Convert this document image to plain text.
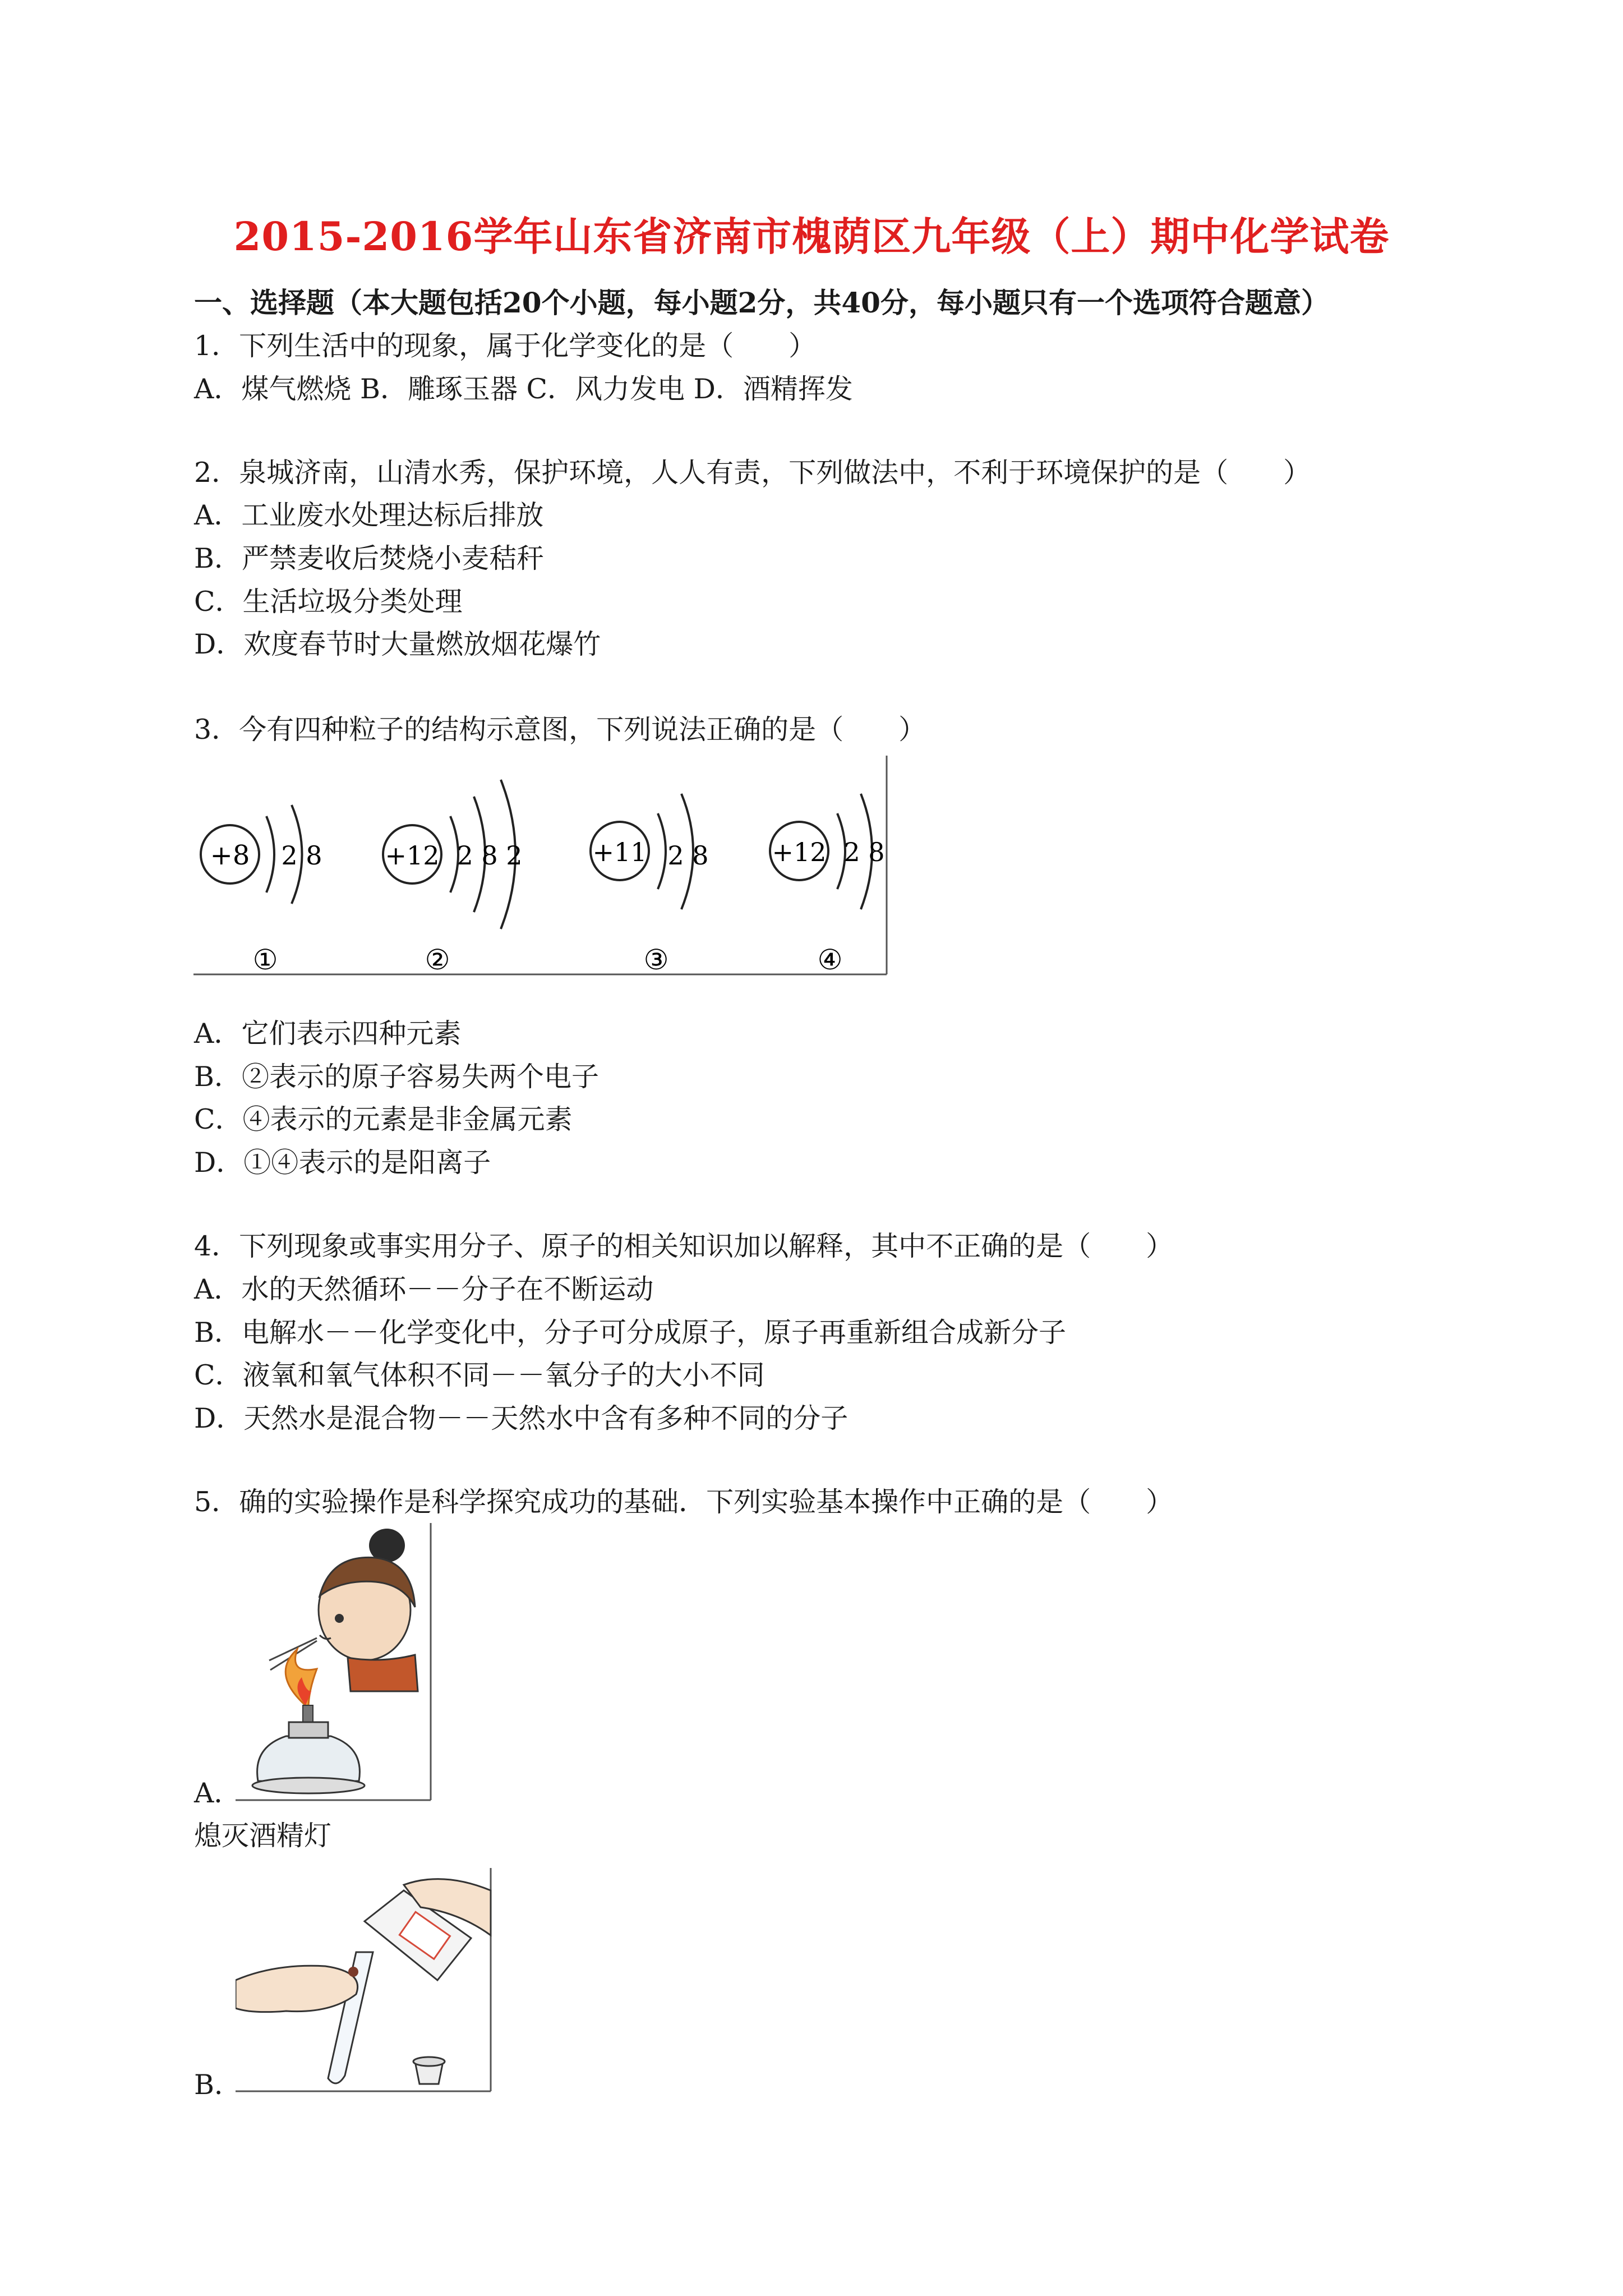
2015-2016学年山东省济南市槐荫区九年级（上）期中化学试卷
一、选择题（本大题包括20个小题，每小题2分，共40分，每小题只有一个选项符合题意）
1．下列生活中的现象，属于化学变化的是（　　）
A．煤气燃烧 B．雕琢玉器 C．风力发电 D．酒精挥发
2．泉城济南，山清水秀，保护环境，人人有责，下列做法中，不利于环境保护的是（　　）
A．工业废水处理达标后排放
B．严禁麦收后焚烧小麦秸秆
C．生活垃圾分类处理
D．欢度春节时大量燃放烟花爆竹
3．今有四种粒子的结构示意图，下列说法正确的是（　　）
+8 2 8
①
+12 2 8 2
②
+11 2 8
③
+12 2 8
④
A．它们表示四种元素
B．②表示的原子容易失两个电子
C．④表示的元素是非金属元素
D．①④表示的是阳离子
4．下列现象或事实用分子、原子的相关知识加以解释，其中不正确的是（　　）
A．水的天然循环－－分子在不断运动
B．电解水－－化学变化中，分子可分成原子，原子再重新组合成新分子
C．液氧和氧气体积不同－－氧分子的大小不同
D．天然水是混合物－－天然水中含有多种不同的分子
5．确的实验操作是科学探究成功的基础．下列实验基本操作中正确的是（　　）
A．
熄灭酒精灯
B．
